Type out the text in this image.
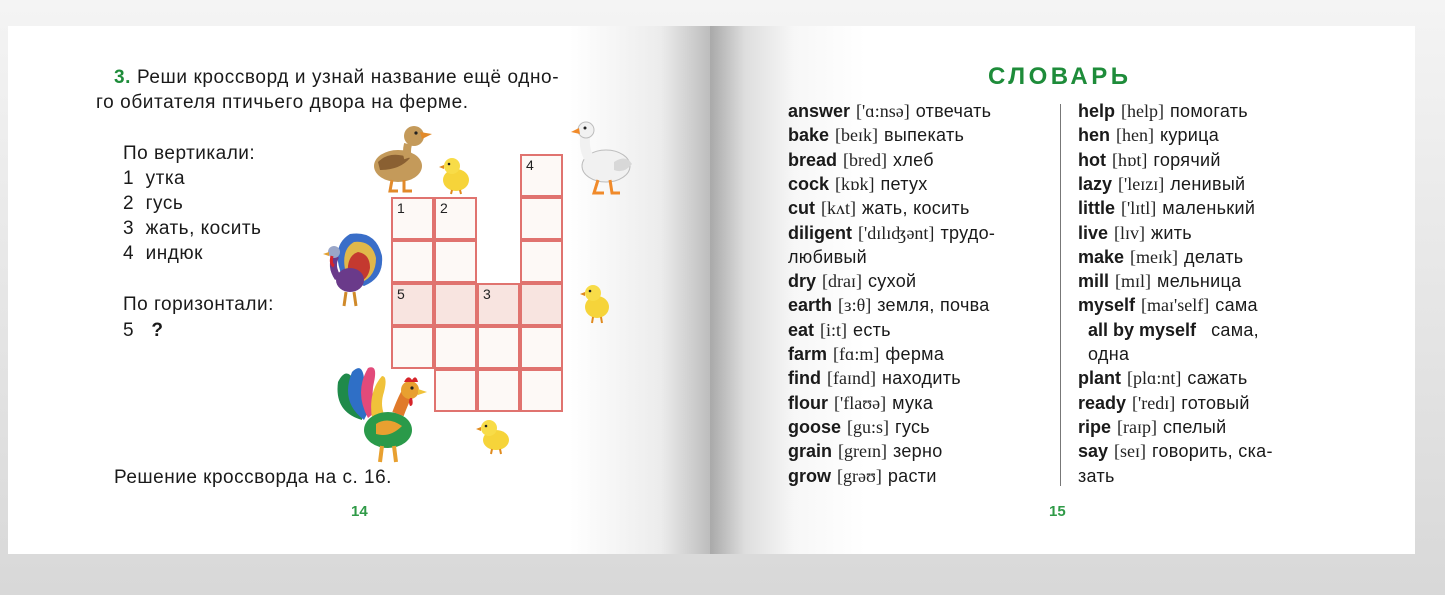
3. Реши кроссворд и узнай название ещё одно-
го обитателя птичьего двора на ферме.
По вертикали:
1  утка
2  гусь
3  жать, косить
4  индюк
По горизонтали:
5 ?
4
1
5
2
3
Решение кроссворда на с. 16.
14
СЛОВАРЬ
answer ['ɑ:nsə] отвечать
bake [beɪk] выпекать
bread [bred] хлеб
cock [kɒk] петух
cut [kʌt] жать, косить
diligent ['dɪlɪʤənt] трудо-
любивый
dry [draɪ] сухой
earth [ɜ:θ] земля, почва
eat [i:t] есть
farm [fɑ:m] ферма
find [faɪnd] находить
flour ['flaʊə] мука
goose [gu:s] гусь
grain [greɪn] зерно
grow [grəʊ] расти
help [help] помогать
hen [hen] курица
hot [hɒt] горячий
lazy ['leɪzɪ] ленивый
little ['lɪtl] маленький
live [lɪv] жить
make [meɪk] делать
mill [mɪl] мельница
myself [maɪ'self] сама
all by myself сама,
одна
plant [plɑ:nt] сажать
ready ['redɪ] готовый
ripe [raɪp] спелый
say [seɪ] говорить, ска-
зать
15
